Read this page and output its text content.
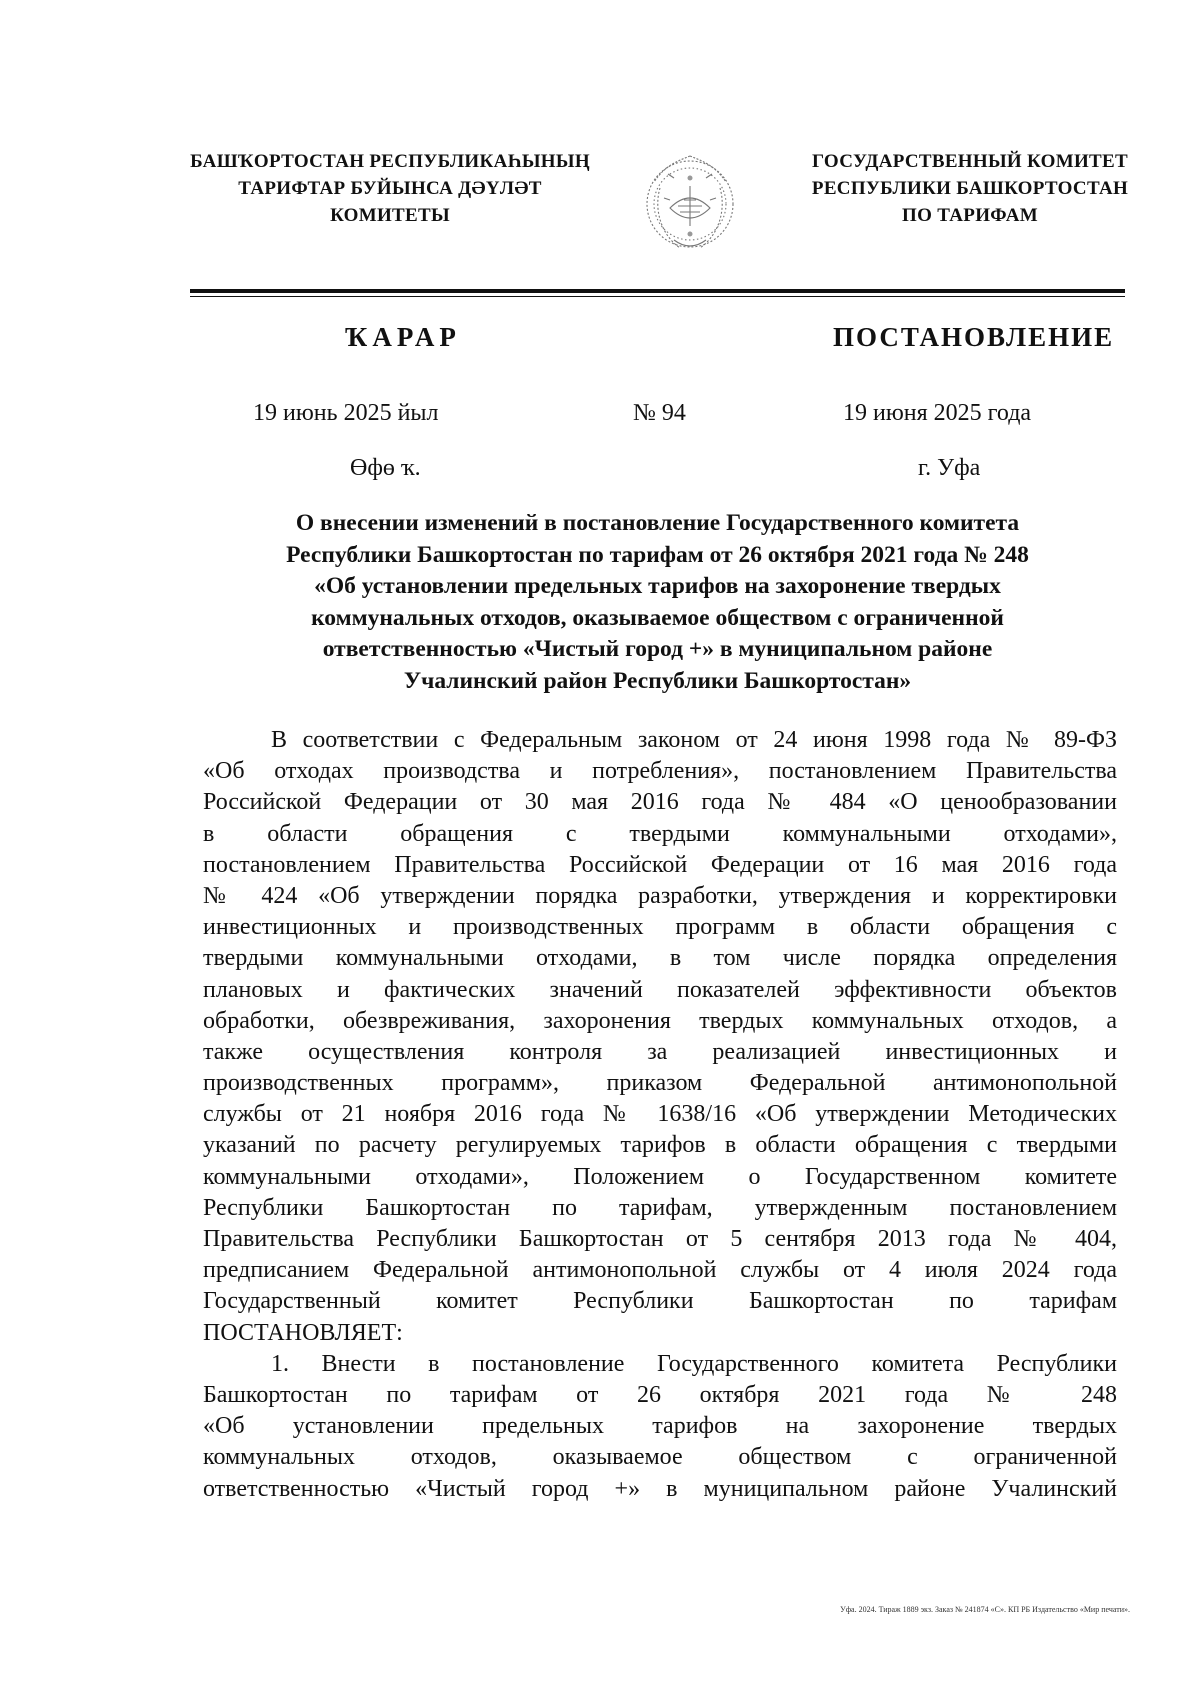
БАШҠОРТОСТАН РЕСПУБЛИКАҺЫНЫҢ
ТАРИФТАР БУЙЫНСА ДӘҮЛӘТ
КОМИТЕТЫ
ГОСУДАРСТВЕННЫЙ КОМИТЕТ
РЕСПУБЛИКИ БАШКОРТОСТАН
ПО ТАРИФАМ
ҠАРАР	ПОСТАНОВЛЕНИЕ
19 июнь 2025 йыл	№ 94	19 июня 2025 года
Өфө ҡ.	г. Уфа
О внесении изменений в постановление Государственного комитета
Республики Башкортостан по тарифам от 26 октября 2021 года № 248
«Об установлении предельных тарифов на захоронение твердых
коммунальных отходов, оказываемое обществом с ограниченной
ответственностью «Чистый город +» в муниципальном районе
Учалинский район Республики Башкортостан»
В соответствии с Федеральным законом от 24 июня 1998 года № 89-ФЗ
«Об отходах производства и потребления», постановлением Правительства
Российской Федерации от 30 мая 2016 года № 484 «О ценообразовании
в области обращения с твердыми коммунальными отходами»,
постановлением Правительства Российской Федерации от 16 мая 2016 года
№ 424 «Об утверждении порядка разработки, утверждения и корректировки
инвестиционных и производственных программ в области обращения с
твердыми коммунальными отходами, в том числе порядка определения
плановых и фактических значений показателей эффективности объектов
обработки, обезвреживания, захоронения твердых коммунальных отходов, а
также осуществления контроля за реализацией инвестиционных и
производственных программ», приказом Федеральной антимонопольной
службы от 21 ноября 2016 года № 1638/16 «Об утверждении Методических
указаний по расчету регулируемых тарифов в области обращения с твердыми
коммунальными отходами», Положением о Государственном комитете
Республики Башкортостан по тарифам, утвержденным постановлением
Правительства Республики Башкортостан от 5 сентября 2013 года № 404,
предписанием Федеральной антимонопольной службы от 4 июля 2024 года
Государственный комитет Республики Башкортостан по тарифам
ПОСТАНОВЛЯЕТ:
1. Внести в постановление Государственного комитета Республики
Башкортостан по тарифам от 26 октября 2021 года № 248
«Об установлении предельных тарифов на захоронение твердых
коммунальных отходов, оказываемое обществом с ограниченной
ответственностью «Чистый город +» в муниципальном районе Учалинский
Уфа. 2024. Тираж 1889 экз. Заказ № 241874 «С». КП РБ Издательство «Мир печати».
